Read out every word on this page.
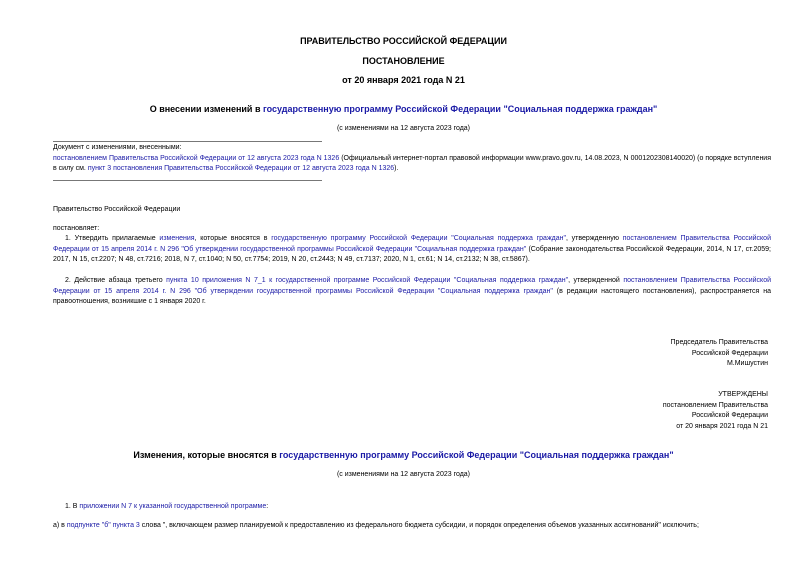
ПРАВИТЕЛЬСТВО РОССИЙСКОЙ ФЕДЕРАЦИИ
ПОСТАНОВЛЕНИЕ
от 20 января 2021 года N 21
О внесении изменений в государственную программу Российской Федерации "Социальная поддержка граждан"
(с изменениями на 12 августа 2023 года)
Документ с изменениями, внесенными:
постановлением Правительства Российской Федерации от 12 августа 2023 года N 1326 (Официальный интернет-портал правовой информации www.pravo.gov.ru, 14.08.2023, N 0001202308140020) (о порядке вступления в силу см. пункт 3 постановления Правительства Российской Федерации от 12 августа 2023 года N 1326).
Правительство Российской Федерации
постановляет:
1. Утвердить прилагаемые изменения, которые вносятся в государственную программу Российской Федерации "Социальная поддержка граждан", утвержденную постановлением Правительства Российской Федерации от 15 апреля 2014 г. N 296 "Об утверждении государственной программы Российской Федерации "Социальная поддержка граждан" (Собрание законодательства Российской Федерации, 2014, N 17, ст.2059; 2017, N 15, ст.2207; N 48, ст.7216; 2018, N 7, ст.1040; N 50, ст.7754; 2019, N 20, ст.2443; N 49, ст.7137; 2020, N 1, ст.61; N 14, ст.2132; N 38, ст.5867).
2. Действие абзаца третьего пункта 10 приложения N 7_1 к государственной программе Российской Федерации "Социальная поддержка граждан", утвержденной постановлением Правительства Российской Федерации от 15 апреля 2014 г. N 296 "Об утверждении государственной программы Российской Федерации "Социальная поддержка граждан" (в редакции настоящего постановления), распространяется на правоотношения, возникшие с 1 января 2020 г.
Председатель Правительства
Российской Федерации
М.Мишустин
УТВЕРЖДЕНЫ
постановлением Правительства
Российской Федерации
от 20 января 2021 года N 21
Изменения, которые вносятся в государственную программу Российской Федерации "Социальная поддержка граждан"
(с изменениями на 12 августа 2023 года)
1. В приложении N 7 к указанной государственной программе:
а) в подпункте "б" пункта 3 слова ", включающем размер планируемой к предоставлению из федерального бюджета субсидии, и порядок определения объемов указанных ассигнований" исключить;
